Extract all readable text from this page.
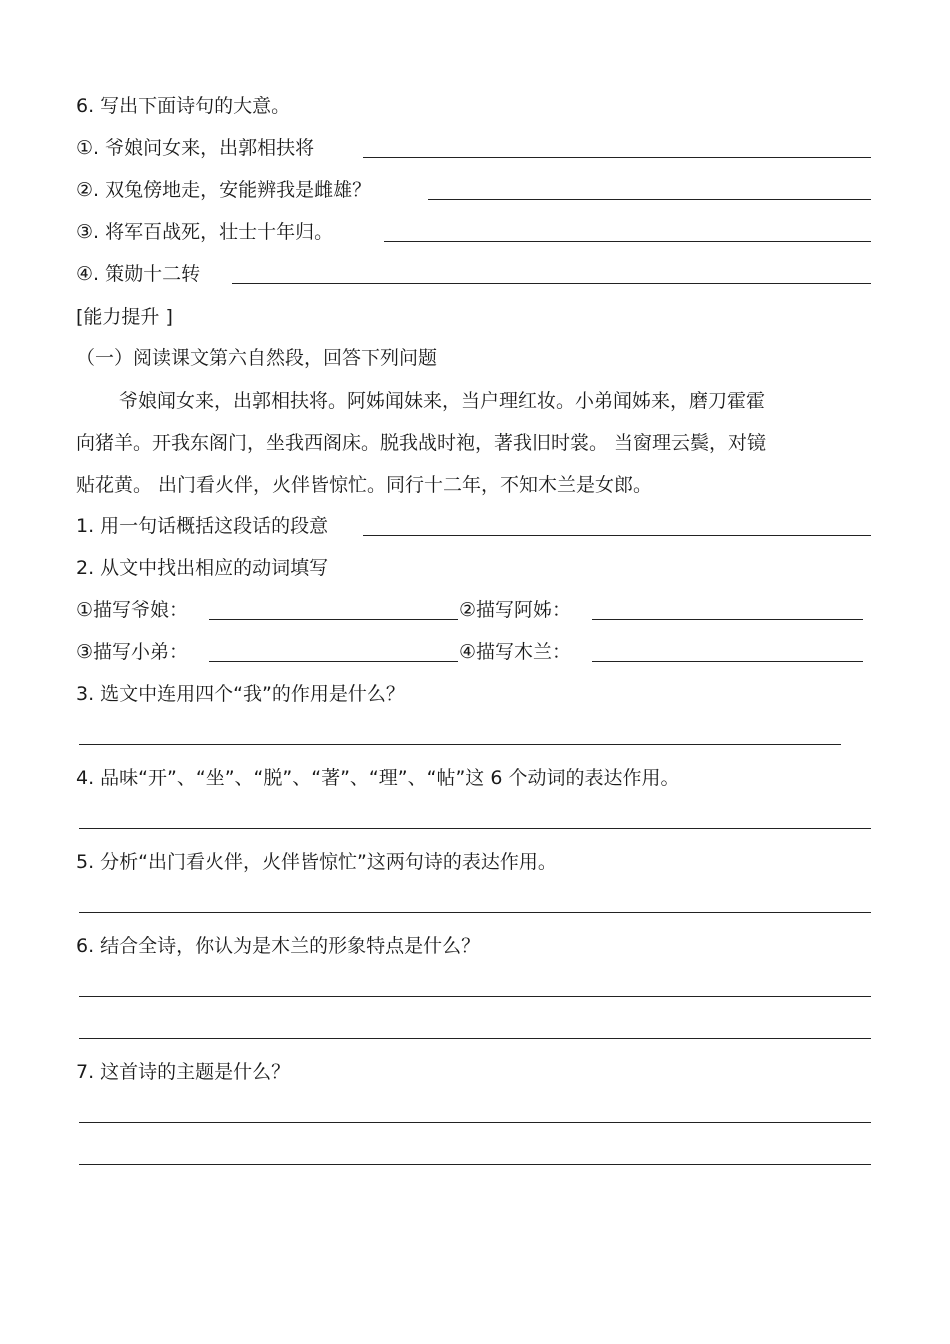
6. 写出下面诗句的大意。
①. 爷娘问女来，出郭相扶将
②. 双兔傍地走，安能辨我是雌雄？
③. 将军百战死，壮士十年归。
④. 策勋十二转
[能力提升 ]
（一）阅读课文第六自然段，回答下列问题
爷娘闻女来，出郭相扶将。阿姊闻妹来，当户理红妆。小弟闻姊来，磨刀霍霍
向猪羊。开我东阁门，坐我西阁床。脱我战时袍，著我旧时裳。 当窗理云鬓，对镜
贴花黄。 出门看火伴，火伴皆惊忙。同行十二年，不知木兰是女郎。
1. 用一句话概括这段话的段意
2. 从文中找出相应的动词填写
①描写爷娘：	②描写阿姊：
③描写小弟：	④描写木兰：
3. 选文中连用四个“我”的作用是什么？
4. 品味“开”、“坐”、“脱”、“著”、“理”、“帖”这 6 个动词的表达作用。
5. 分析“出门看火伴，火伴皆惊忙”这两句诗的表达作用。
6. 结合全诗，你认为是木兰的形象特点是什么？
7. 这首诗的主题是什么？
